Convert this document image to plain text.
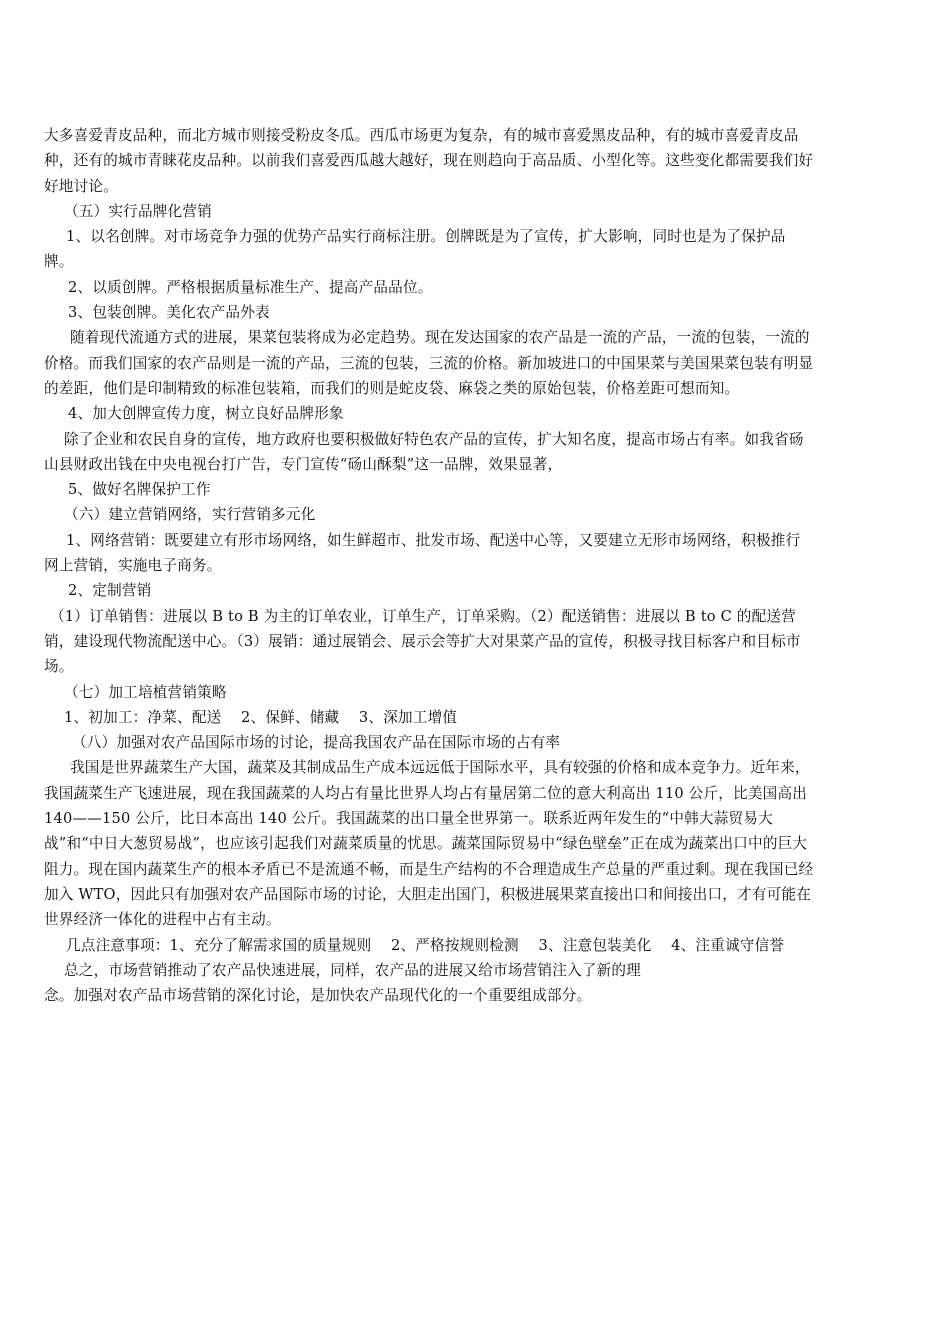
大多喜爱青皮品种，而北方城市则接受粉皮冬瓜。西瓜市场更为复杂，有的城市喜爱黑皮品种，有的城市喜爱青皮品种，还有的城市青睐花皮品种。以前我们喜爱西瓜越大越好，现在则趋向于高品质、小型化等。这些变化都需要我们好好地讨论。

（五）实行品牌化营销

1、以名创牌。对市场竞争力强的优势产品实行商标注册。创牌既是为了宣传，扩大影响，同时也是为了保护品牌。

2、以质创牌。严格根据质量标准生产、提高产品品位。

3、包装创牌。美化农产品外表

随着现代流通方式的进展，果菜包装将成为必定趋势。现在发达国家的农产品是一流的产品，一流的包装，一流的价格。而我们国家的农产品则是一流的产品，三流的包装，三流的价格。新加坡进口的中国果菜与美国果菜包装有明显的差距，他们是印制精致的标准包装箱，而我们的则是蛇皮袋、麻袋之类的原始包装，价格差距可想而知。

4、加大创牌宣传力度，树立良好品牌形象

除了企业和农民自身的宣传，地方政府也要积极做好特色农产品的宣传，扩大知名度，提高市场占有率。如我省砀山县财政出钱在中央电视台打广告，专门宣传“砀山酥梨”这一品牌，效果显著，

5、做好名牌保护工作

（六）建立营销网络，实行营销多元化

1、网络营销：既要建立有形市场网络，如生鲜超市、批发市场、配送中心等，又要建立无形市场网络，积极推行网上营销，实施电子商务。

2、定制营销

（1）订单销售：进展以 B to B 为主的订单农业，订单生产，订单采购。（2）配送销售：进展以 B to C 的配送营销，建设现代物流配送中心。（3）展销：通过展销会、展示会等扩大对果菜产品的宣传，积极寻找目标客户和目标市场。

（七）加工培植营销策略

1、初加工：净菜、配送　 2、保鲜、储藏　 3、深加工增值

（八）加强对农产品国际市场的讨论，提高我国农产品在国际市场的占有率

我国是世界蔬菜生产大国，蔬菜及其制成品生产成本远远低于国际水平，具有较强的价格和成本竞争力。近年来，我国蔬菜生产飞速进展，现在我国蔬菜的人均占有量比世界人均占有量居第二位的意大利高出 110 公斤，比美国高出 140——150 公斤，比日本高出 140 公斤。我国蔬菜的出口量全世界第一。联系近两年发生的“中韩大蒜贸易大战”和“中日大葱贸易战”，也应该引起我们对蔬菜质量的忧思。蔬菜国际贸易中“绿色壁垒”正在成为蔬菜出口中的巨大阻力。现在国内蔬菜生产的根本矛盾已不是流通不畅，而是生产结构的不合理造成生产总量的严重过剩。现在我国已经加入 WTO，因此只有加强对农产品国际市场的讨论，大胆走出国门，积极进展果菜直接出口和间接出口，才有可能在世界经济一体化的进程中占有主动。

几点注意事项：1、充分了解需求国的质量规则　 2、严格按规则检测　 3、注意包装美化　 4、注重诚守信誉

总之，市场营销推动了农产品快速进展，同样，农产品的进展又给市场营销注入了新的理

念。加强对农产品市场营销的深化讨论，是加快农产品现代化的一个重要组成部分。
